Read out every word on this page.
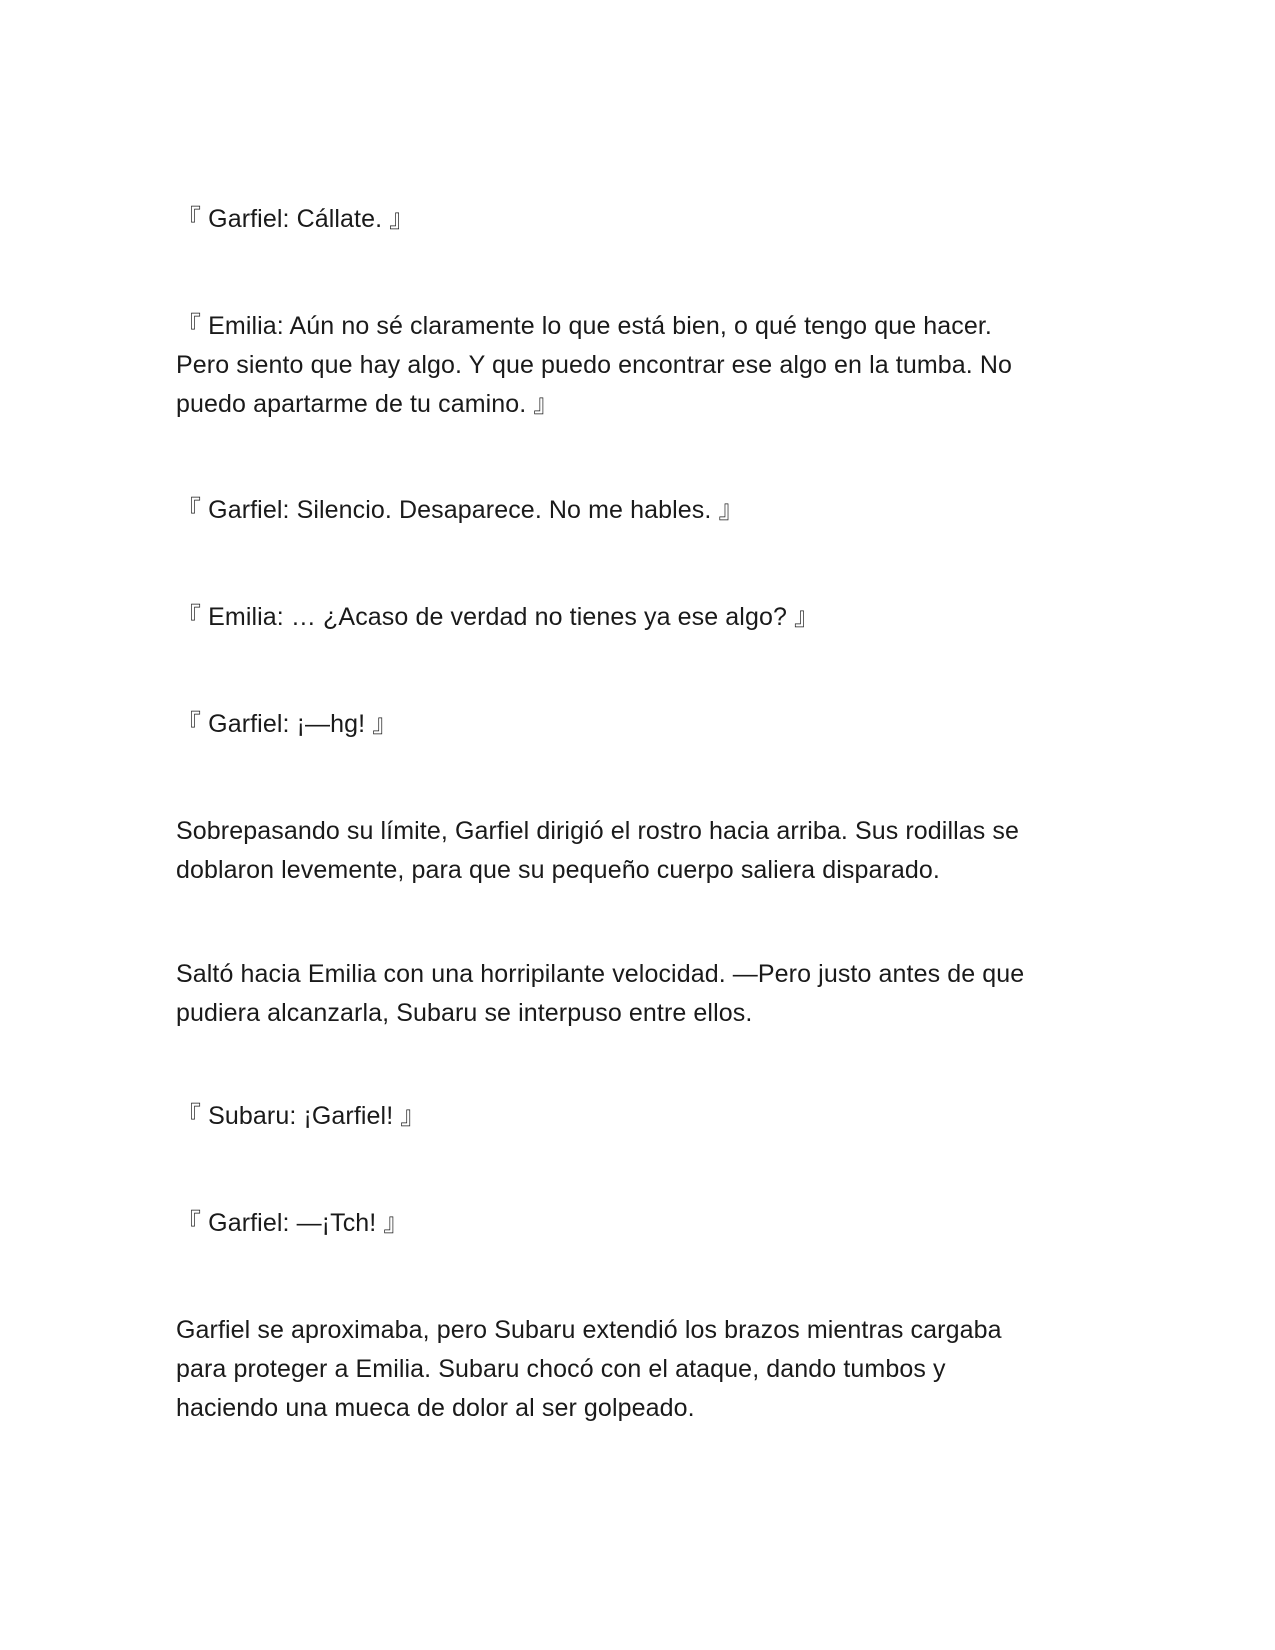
『 Garfiel: Cállate. 』

『 Emilia: Aún no sé claramente lo que está bien, o qué tengo que hacer.
Pero siento que hay algo. Y que puedo encontrar ese algo en la tumba. No
puedo apartarme de tu camino. 』

『 Garfiel: Silencio. Desaparece. No me hables. 』

『 Emilia: … ¿Acaso de verdad no tienes ya ese algo? 』

『 Garfiel: ¡—hg! 』

Sobrepasando su límite, Garfiel dirigió el rostro hacia arriba. Sus rodillas se
doblaron levemente, para que su pequeño cuerpo saliera disparado.

Saltó hacia Emilia con una horripilante velocidad. —Pero justo antes de que
pudiera alcanzarla, Subaru se interpuso entre ellos.

『 Subaru: ¡Garfiel! 』

『 Garfiel: —¡Tch! 』

Garfiel se aproximaba, pero Subaru extendió los brazos mientras cargaba
para proteger a Emilia. Subaru chocó con el ataque, dando tumbos y
haciendo una mueca de dolor al ser golpeado.
